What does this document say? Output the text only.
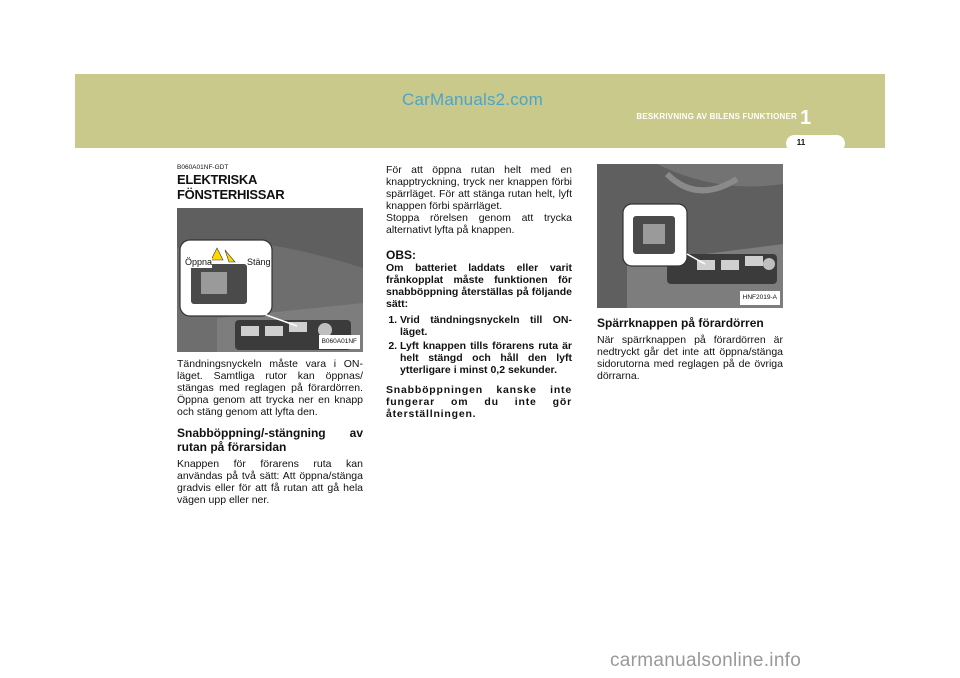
CarManuals2.com
BESKRIVNING AV BILENS FUNKTIONER 1
11
B060A01NF-GDT
ELEKTRISKA FÖNSTERHISSAR
Öppna	Stäng
B060A01NF

Tändningsnyckeln måste vara i ON-läget. Samtliga rutor kan öppnas/ stängas med reglagen på förardörren. Öppna genom att trycka ner en knapp och stäng genom att lyfta den.

Snabböppning/-stängning av rutan på förarsidan

Knappen för förarens ruta kan användas på två sätt: Att öppna/stänga gradvis eller för att få rutan att gå hela vägen upp eller ner.

För att öppna rutan helt med en knapptryckning, tryck ner knappen förbi spärrläget. För att stänga rutan helt, lyft knappen förbi spärrläget.

Stoppa rörelsen genom att trycka alternativt lyfta på knappen.

OBS:

Om batteriet laddats eller varit frånkopplat måste funktionen för snabböppning återställas på följande sätt:

1. Vrid tändningsnyckeln till ON-läget.
2. Lyft knappen tills förarens ruta är helt stängd och håll den lyft ytterligare i minst 0,2 sekunder.

Snabböppningen kanske inte fungerar om du inte gör återställningen.

HNF2019-A
Spärrknappen på förardörren

När spärrknappen på förardörren är nedtryckt går det inte att öppna/stänga sidorutorna med reglagen på de övriga dörrarna.

carmanualsonline.info
